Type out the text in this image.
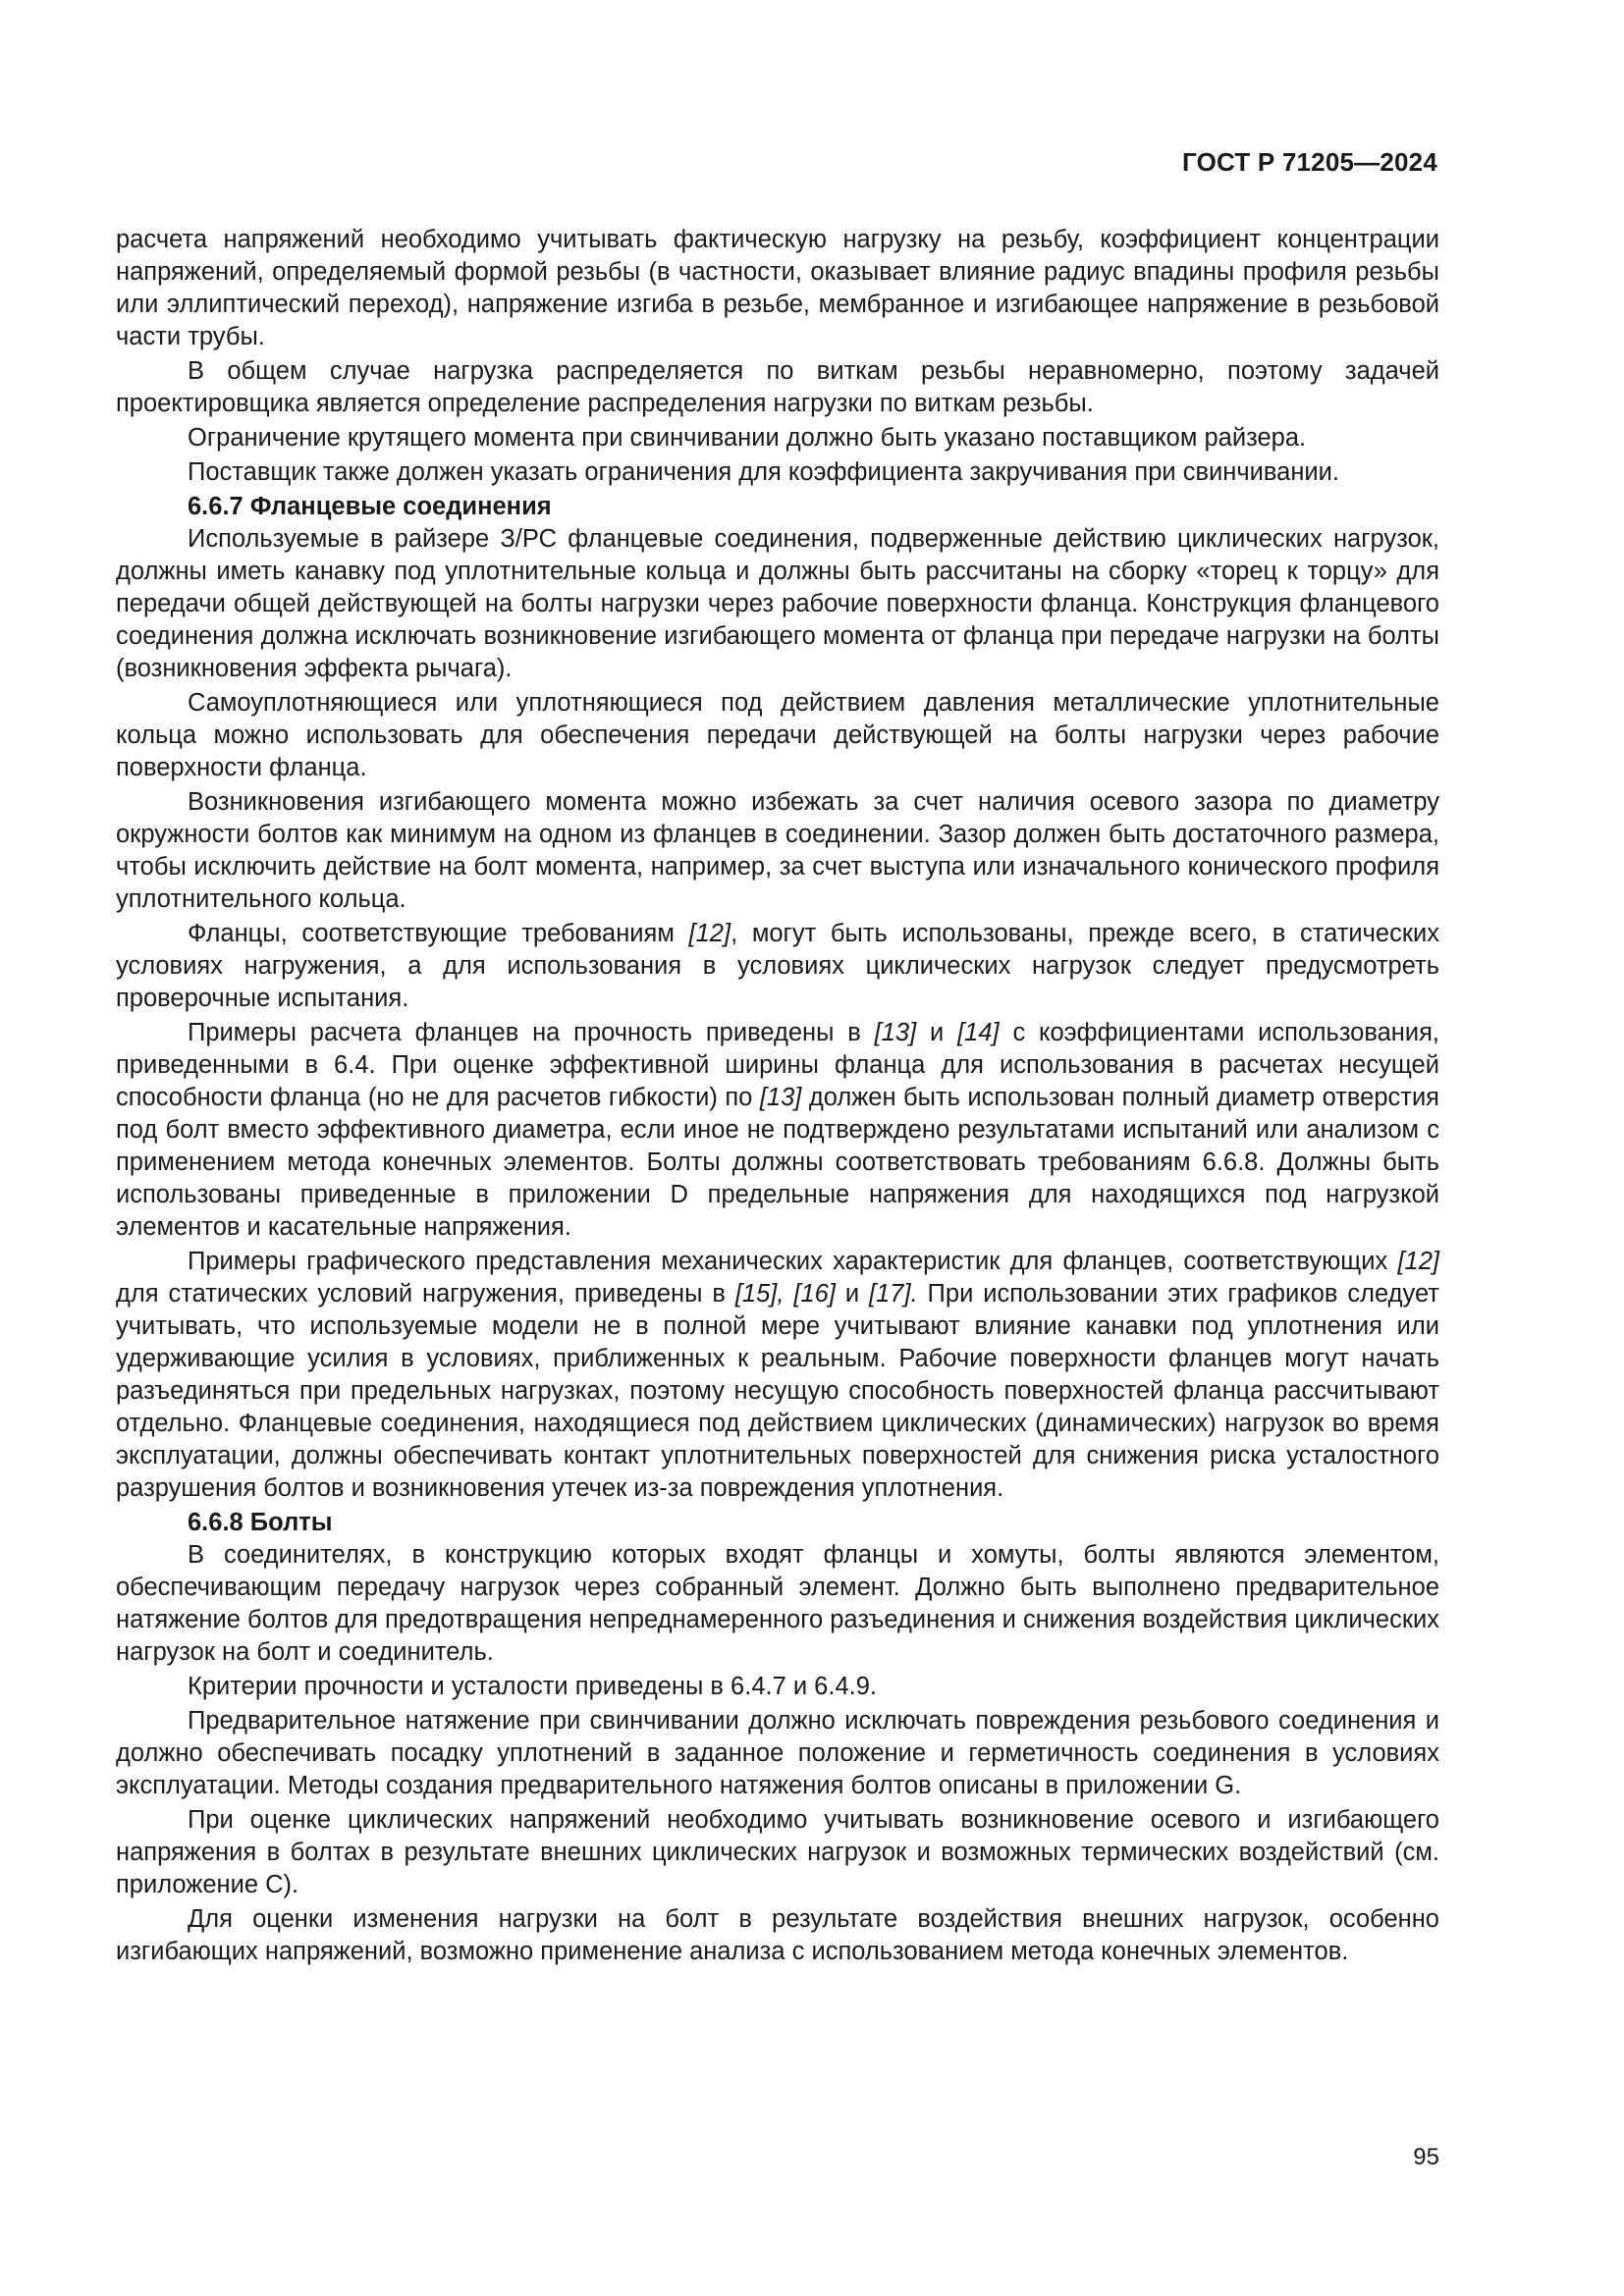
ГОСТ Р 71205—2024

расчета напряжений необходимо учитывать фактическую нагрузку на резьбу, коэффициент концентрации напряжений, определяемый формой резьбы (в частности, оказывает влияние радиус впадины профиля резьбы или эллиптический переход), напряжение изгиба в резьбе, мембранное и изгибающее напряжение в резьбовой части трубы.

В общем случае нагрузка распределяется по виткам резьбы неравномерно, поэтому задачей проектировщика является определение распределения нагрузки по виткам резьбы.

Ограничение крутящего момента при свинчивании должно быть указано поставщиком райзера.

Поставщик также должен указать ограничения для коэффициента закручивания при свинчивании.

6.6.7 Фланцевые соединения

Используемые в райзере З/РС фланцевые соединения, подверженные действию циклических нагрузок, должны иметь канавку под уплотнительные кольца и должны быть рассчитаны на сборку «торец к торцу» для передачи общей действующей на болты нагрузки через рабочие поверхности фланца. Конструкция фланцевого соединения должна исключать возникновение изгибающего момента от фланца при передаче нагрузки на болты (возникновения эффекта рычага).

Самоуплотняющиеся или уплотняющиеся под действием давления металлические уплотнительные кольца можно использовать для обеспечения передачи действующей на болты нагрузки через рабочие поверхности фланца.

Возникновения изгибающего момента можно избежать за счет наличия осевого зазора по диаметру окружности болтов как минимум на одном из фланцев в соединении. Зазор должен быть достаточного размера, чтобы исключить действие на болт момента, например, за счет выступа или изначального конического профиля уплотнительного кольца.

Фланцы, соответствующие требованиям [12], могут быть использованы, прежде всего, в статических условиях нагружения, а для использования в условиях циклических нагрузок следует предусмотреть проверочные испытания.

Примеры расчета фланцев на прочность приведены в [13] и [14] с коэффициентами использования, приведенными в 6.4. При оценке эффективной ширины фланца для использования в расчетах несущей способности фланца (но не для расчетов гибкости) по [13] должен быть использован полный диаметр отверстия под болт вместо эффективного диаметра, если иное не подтверждено результатами испытаний или анализом с применением метода конечных элементов. Болты должны соответствовать требованиям 6.6.8. Должны быть использованы приведенные в приложении D предельные напряжения для находящихся под нагрузкой элементов и касательные напряжения.

Примеры графического представления механических характеристик для фланцев, соответствующих [12] для статических условий нагружения, приведены в [15], [16] и [17]. При использовании этих графиков следует учитывать, что используемые модели не в полной мере учитывают влияние канавки под уплотнения или удерживающие усилия в условиях, приближенных к реальным. Рабочие поверхности фланцев могут начать разъединяться при предельных нагрузках, поэтому несущую способность поверхностей фланца рассчитывают отдельно. Фланцевые соединения, находящиеся под действием циклических (динамических) нагрузок во время эксплуатации, должны обеспечивать контакт уплотнительных поверхностей для снижения риска усталостного разрушения болтов и возникновения утечек из-за повреждения уплотнения.

6.6.8 Болты

В соединителях, в конструкцию которых входят фланцы и хомуты, болты являются элементом, обеспечивающим передачу нагрузок через собранный элемент. Должно быть выполнено предварительное натяжение болтов для предотвращения непреднамеренного разъединения и снижения воздействия циклических нагрузок на болт и соединитель.

Критерии прочности и усталости приведены в 6.4.7 и 6.4.9.

Предварительное натяжение при свинчивании должно исключать повреждения резьбового соединения и должно обеспечивать посадку уплотнений в заданное положение и герметичность соединения в условиях эксплуатации. Методы создания предварительного натяжения болтов описаны в приложении G.

При оценке циклических напряжений необходимо учитывать возникновение осевого и изгибающего напряжения в болтах в результате внешних циклических нагрузок и возможных термических воздействий (см. приложение С).

Для оценки изменения нагрузки на болт в результате воздействия внешних нагрузок, особенно изгибающих напряжений, возможно применение анализа с использованием метода конечных элементов.

95
